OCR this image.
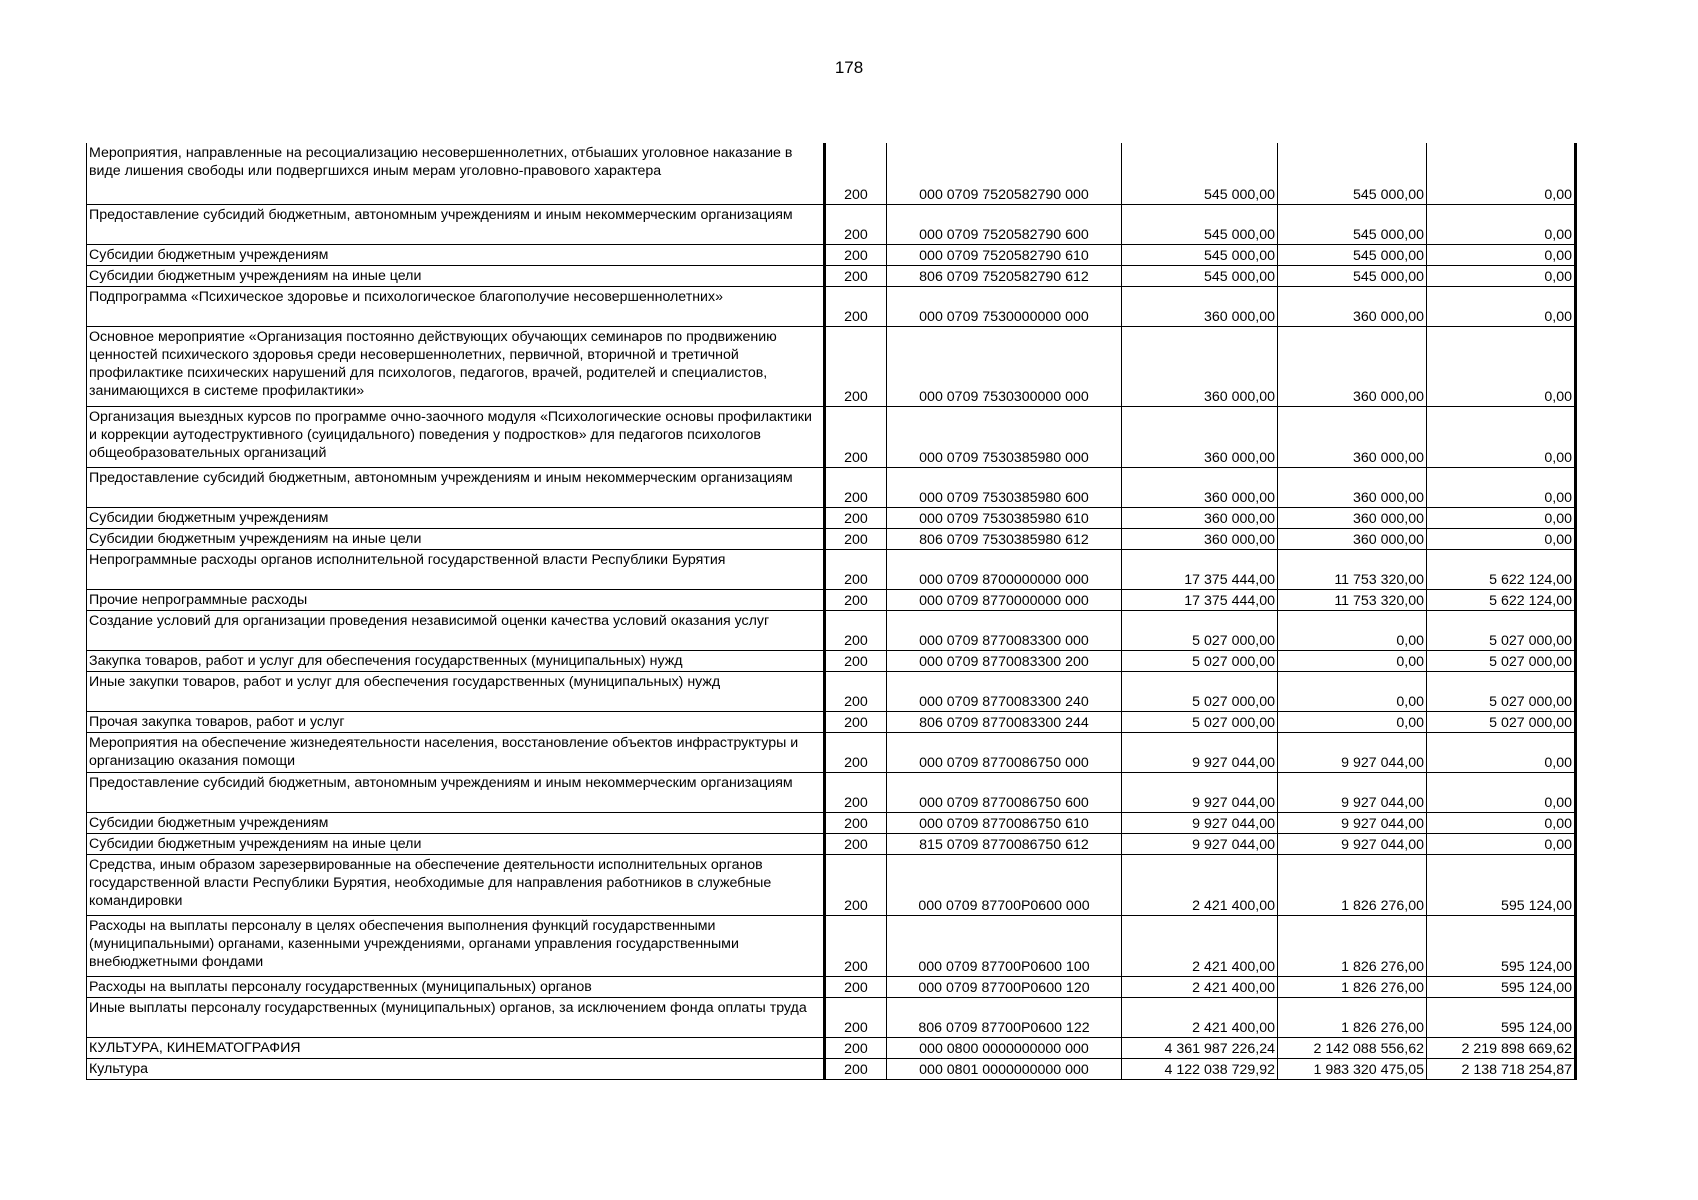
178
Мероприятия, направленные на ресоциализацию несовершеннолетних, отбыаших уголовное наказание в виде лишения свободы или подвергшихся иным мерам уголовно-правового характера	200	000 0709 7520582790 000	545 000,00	545 000,00	0,00
Предоставление субсидий бюджетным, автономным учреждениям и иным некоммерческим организациям	200	000 0709 7520582790 600	545 000,00	545 000,00	0,00
Субсидии бюджетным учреждениям	200	000 0709 7520582790 610	545 000,00	545 000,00	0,00
Субсидии бюджетным учреждениям на иные цели	200	806 0709 7520582790 612	545 000,00	545 000,00	0,00
Подпрограмма «Психическое здоровье и психологическое благополучие несовершеннолетних»	200	000 0709 7530000000 000	360 000,00	360 000,00	0,00
Основное мероприятие «Организация постоянно действующих обучающих семинаров по продвижению ценностей психического здоровья среди несовершеннолетних, первичной, вторичной и третичной профилактике психических нарушений для психологов, педагогов, врачей, родителей и специалистов, занимающихся в системе профилактики»	200	000 0709 7530300000 000	360 000,00	360 000,00	0,00
Организация выездных курсов по программе очно-заочного модуля «Психологические основы профилактики и коррекции аутодеструктивного (суицидального) поведения у подростков» для педагогов психологов общеобразовательных организаций	200	000 0709 7530385980 000	360 000,00	360 000,00	0,00
Предоставление субсидий бюджетным, автономным учреждениям и иным некоммерческим организациям	200	000 0709 7530385980 600	360 000,00	360 000,00	0,00
Субсидии бюджетным учреждениям	200	000 0709 7530385980 610	360 000,00	360 000,00	0,00
Субсидии бюджетным учреждениям на иные цели	200	806 0709 7530385980 612	360 000,00	360 000,00	0,00
Непрограммные расходы органов исполнительной государственной власти Республики Бурятия	200	000 0709 8700000000 000	17 375 444,00	11 753 320,00	5 622 124,00
Прочие непрограммные расходы	200	000 0709 8770000000 000	17 375 444,00	11 753 320,00	5 622 124,00
Создание условий для организации проведения независимой оценки качества условий оказания услуг	200	000 0709 8770083300 000	5 027 000,00	0,00	5 027 000,00
Закупка товаров, работ и услуг для обеспечения государственных (муниципальных) нужд	200	000 0709 8770083300 200	5 027 000,00	0,00	5 027 000,00
Иные закупки товаров, работ и услуг для обеспечения государственных (муниципальных) нужд	200	000 0709 8770083300 240	5 027 000,00	0,00	5 027 000,00
Прочая закупка товаров, работ и услуг	200	806 0709 8770083300 244	5 027 000,00	0,00	5 027 000,00
Мероприятия на обеспечение жизнедеятельности населения, восстановление объектов инфраструктуры и организацию оказания помощи	200	000 0709 8770086750 000	9 927 044,00	9 927 044,00	0,00
Предоставление субсидий бюджетным, автономным учреждениям и иным некоммерческим организациям	200	000 0709 8770086750 600	9 927 044,00	9 927 044,00	0,00
Субсидии бюджетным учреждениям	200	000 0709 8770086750 610	9 927 044,00	9 927 044,00	0,00
Субсидии бюджетным учреждениям на иные цели	200	815 0709 8770086750 612	9 927 044,00	9 927 044,00	0,00
Средства, иным образом зарезервированные на обеспечение деятельности исполнительных органов государственной власти Республики Бурятия, необходимые для направления работников в служебные командировки	200	000 0709 87700P0600 000	2 421 400,00	1 826 276,00	595 124,00
Расходы на выплаты персоналу в целях обеспечения выполнения функций государственными (муниципальными) органами, казенными учреждениями, органами управления государственными внебюджетными фондами	200	000 0709 87700P0600 100	2 421 400,00	1 826 276,00	595 124,00
Расходы на выплаты персоналу государственных (муниципальных) органов	200	000 0709 87700P0600 120	2 421 400,00	1 826 276,00	595 124,00
Иные выплаты персоналу государственных (муниципальных) органов, за исключением фонда оплаты труда	200	806 0709 87700P0600 122	2 421 400,00	1 826 276,00	595 124,00
КУЛЬТУРА, КИНЕМАТОГРАФИЯ	200	000 0800 0000000000 000	4 361 987 226,24	2 142 088 556,62	2 219 898 669,62
Культура	200	000 0801 0000000000 000	4 122 038 729,92	1 983 320 475,05	2 138 718 254,87
